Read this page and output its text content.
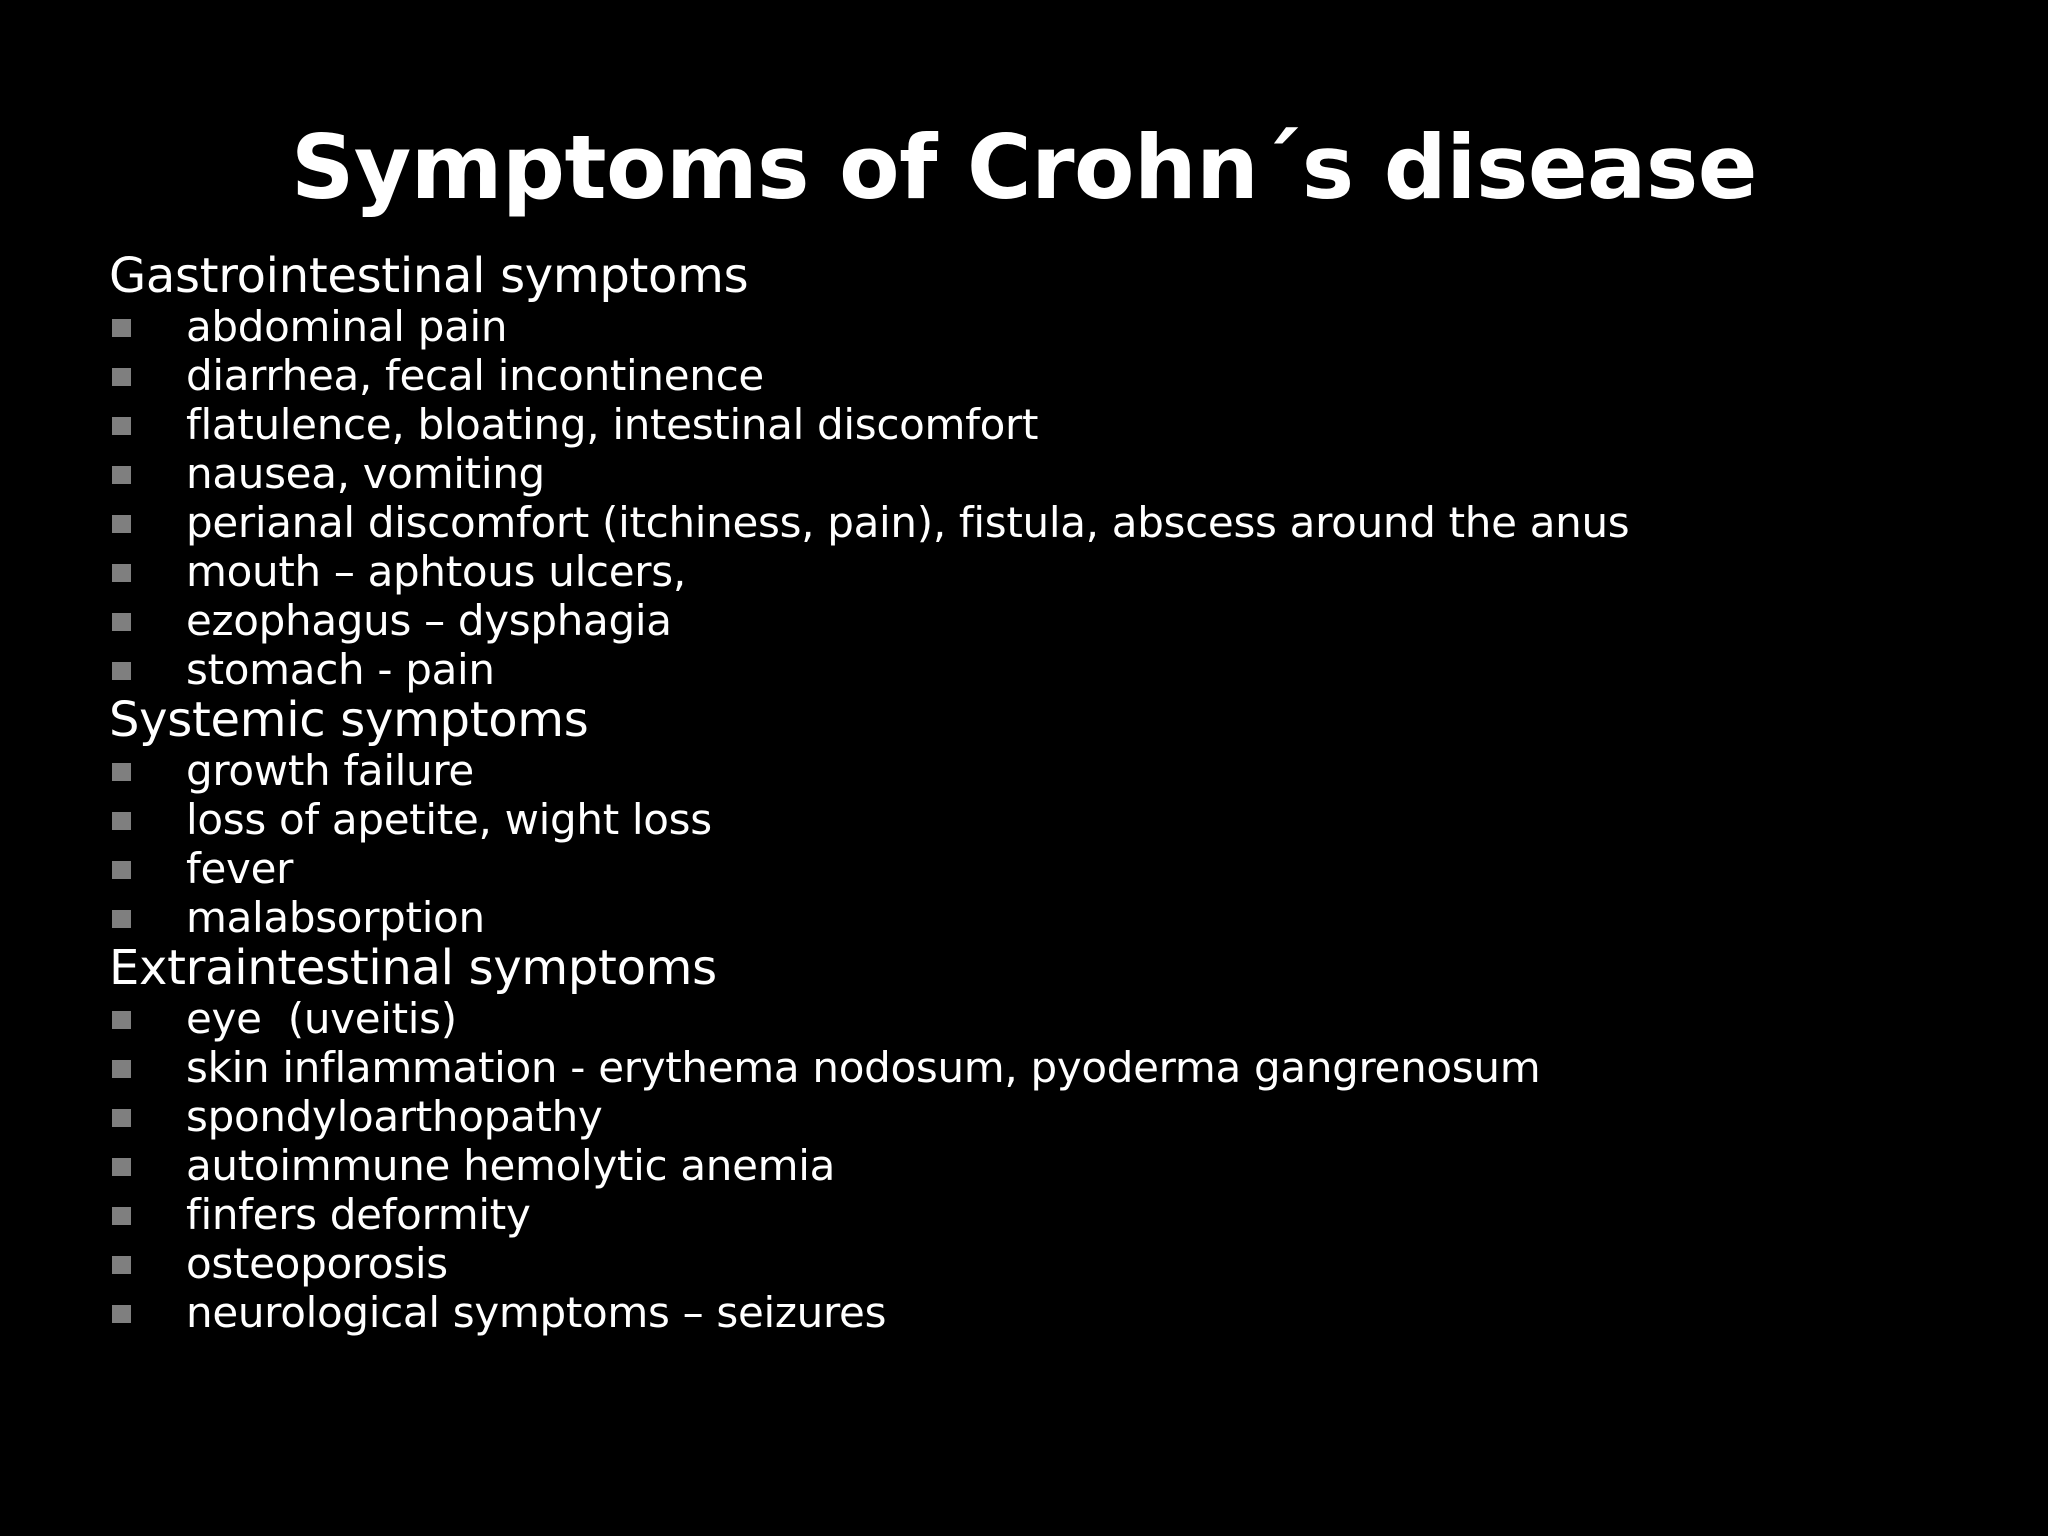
Symptoms of Crohn´s disease
Gastrointestinal symptoms
abdominal pain
diarrhea, fecal incontinence
flatulence, bloating, intestinal discomfort
nausea, vomiting
perianal discomfort (itchiness, pain), fistula, abscess around the anus
mouth – aphtous ulcers,
ezophagus – dysphagia
stomach - pain
Systemic symptoms
growth failure
loss of apetite, wight loss
fever
malabsorption
Extraintestinal symptoms
eye  (uveitis)
skin inflammation - erythema nodosum, pyoderma gangrenosum
spondyloarthopathy
autoimmune hemolytic anemia
finfers deformity
osteoporosis
neurological symptoms – seizures
